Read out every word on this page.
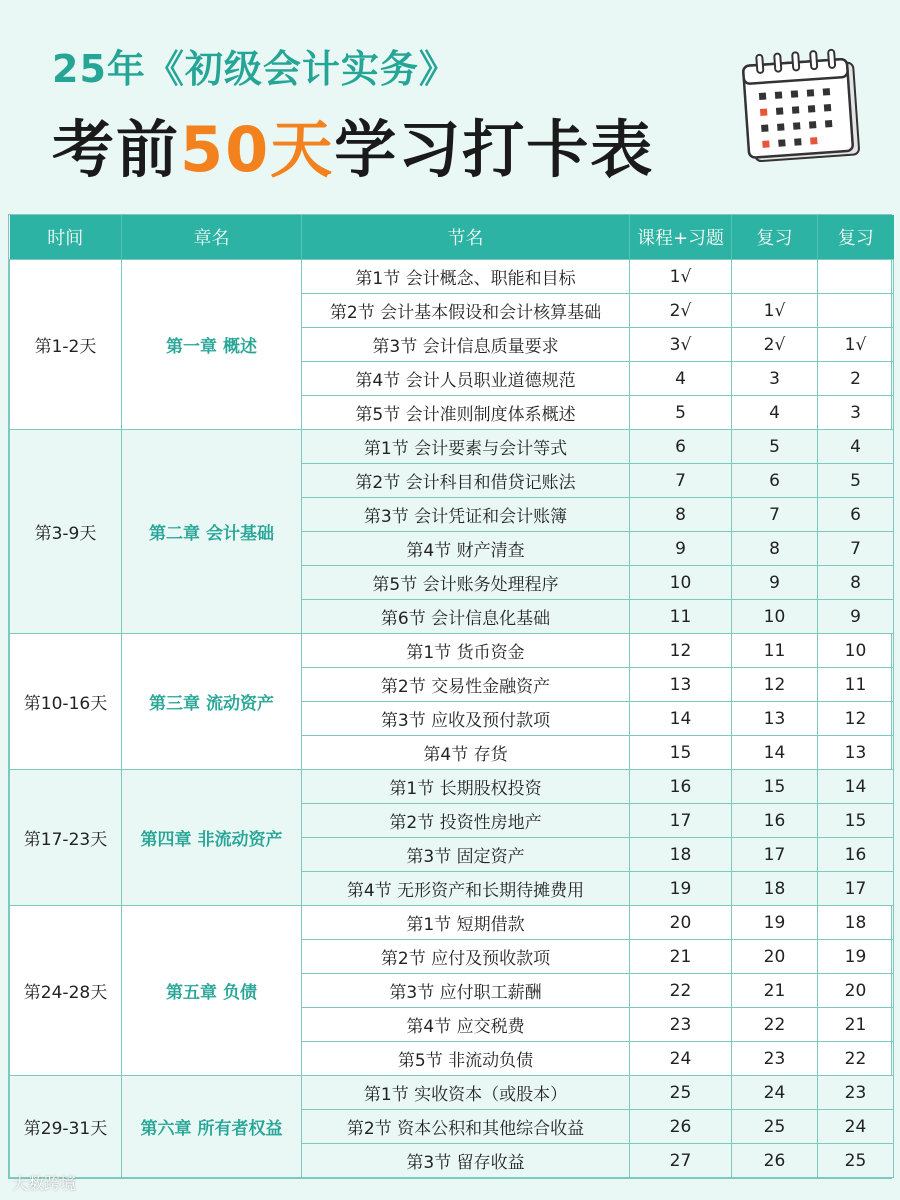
25年《初级会计实务》
考前50天学习打卡表
时间	章名	节名	课程+习题	复习	复习
第1-2天	第一章 概述	第1节 会计概念、职能和目标	1√		
		第2节 会计基本假设和会计核算基础	2√	1√	
		第3节 会计信息质量要求	3√	2√	1√
		第4节 会计人员职业道德规范	4	3	2
		第5节 会计准则制度体系概述	5	4	3
第3-9天	第二章 会计基础	第1节 会计要素与会计等式	6	5	4
		第2节 会计科目和借贷记账法	7	6	5
		第3节 会计凭证和会计账簿	8	7	6
		第4节 财产清查	9	8	7
		第5节 会计账务处理程序	10	9	8
		第6节 会计信息化基础	11	10	9
第10-16天	第三章 流动资产	第1节 货币资金	12	11	10
		第2节 交易性金融资产	13	12	11
		第3节 应收及预付款项	14	13	12
		第4节 存货	15	14	13
第17-23天	第四章 非流动资产	第1节 长期股权投资	16	15	14
		第2节 投资性房地产	17	16	15
		第3节 固定资产	18	17	16
		第4节 无形资产和长期待摊费用	19	18	17
第24-28天	第五章 负债	第1节 短期借款	20	19	18
		第2节 应付及预收款项	21	20	19
		第3节 应付职工薪酬	22	21	20
		第4节 应交税费	23	22	21
		第5节 非流动负债	24	23	22
第29-31天	第六章 所有者权益	第1节 实收资本（或股本）	25	24	23
		第2节 资本公积和其他综合收益	26	25	24
		第3节 留存收益	27	26	25
大数跨境
